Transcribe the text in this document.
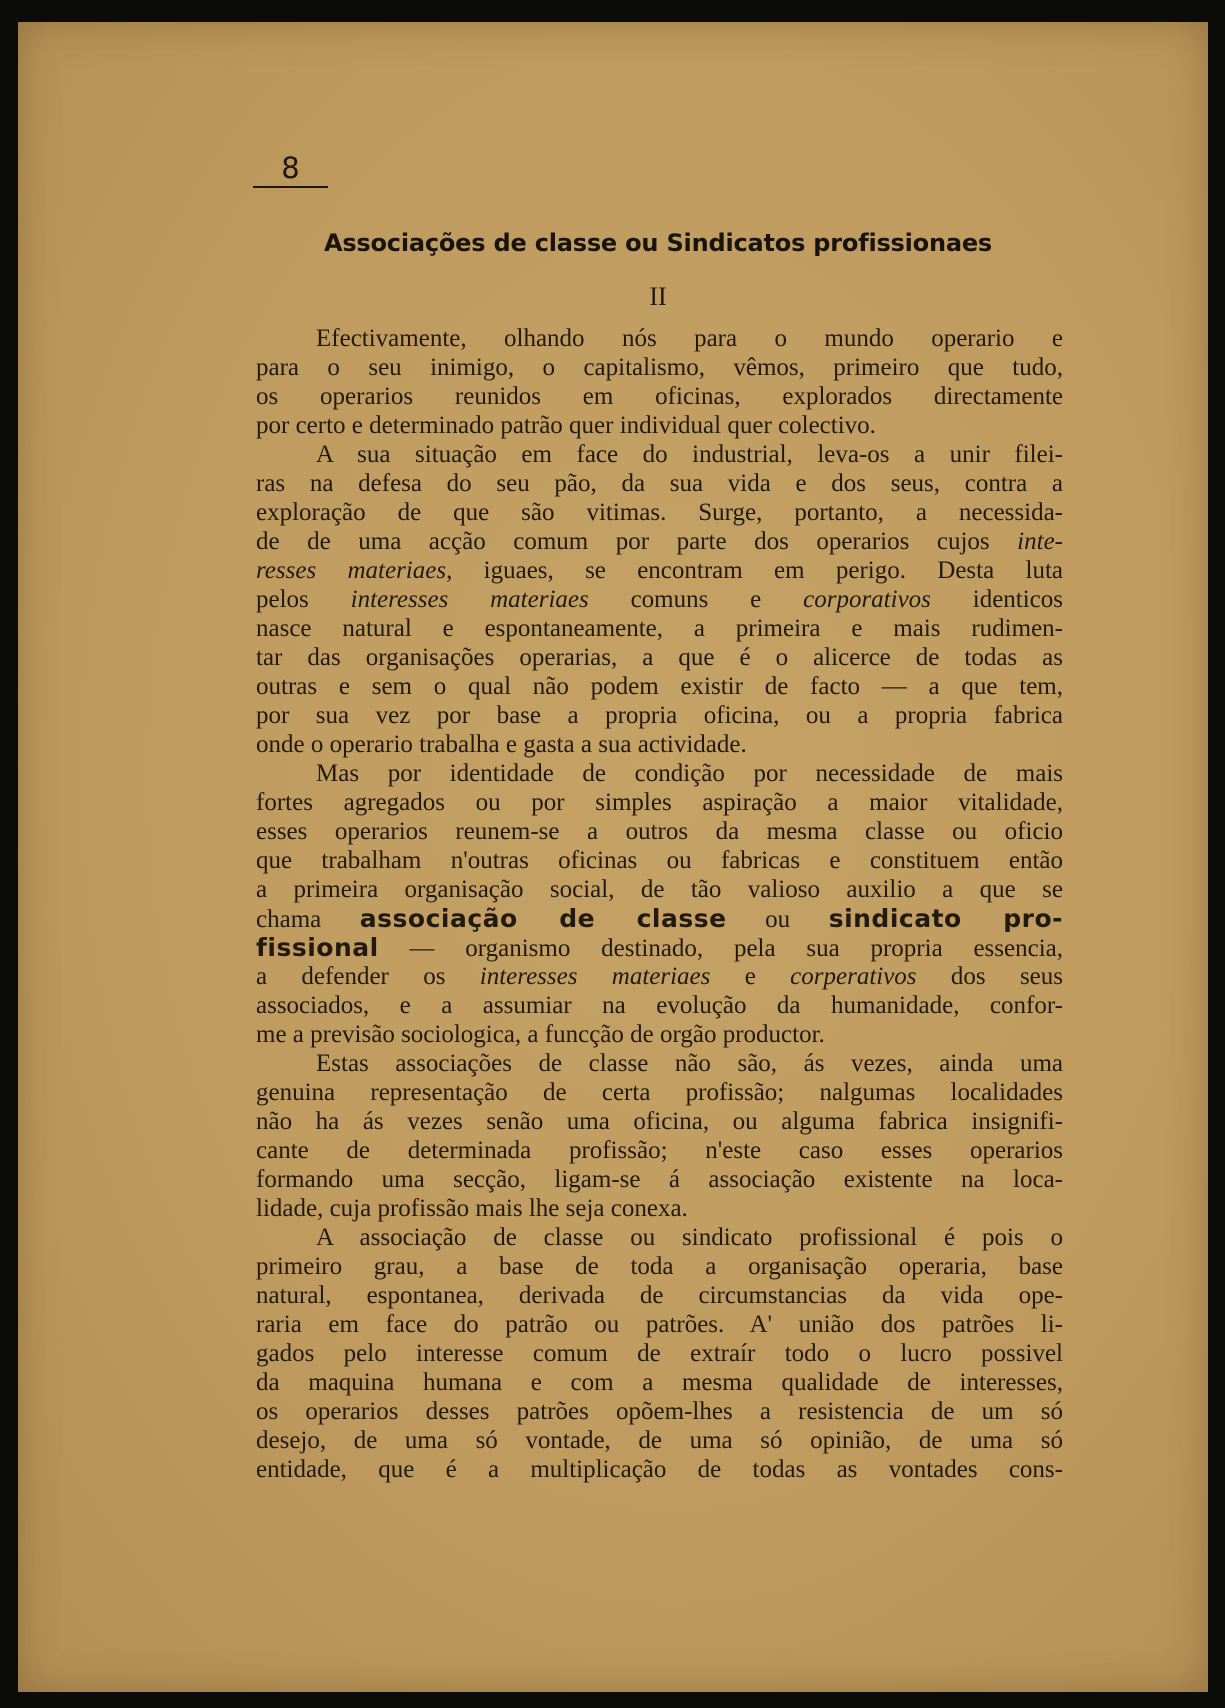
8
Associações de classe ou Sindicatos profissionaes
II
Efectivamente, olhando nós para o mundo operario e
para o seu inimigo, o capitalismo, vêmos, primeiro que tudo,
os operarios reunidos em oficinas, explorados directamente
por certo e determinado patrão quer individual quer colectivo.
A sua situação em face do industrial, leva-os a unir filei-
ras na defesa do seu pão, da sua vida e dos seus, contra a
exploração de que são vitimas. Surge, portanto, a necessida-
de de uma acção comum por parte dos operarios cujos inte-
resses materiaes, iguaes, se encontram em perigo. Desta luta
pelos interesses materiaes comuns e corporativos identicos
nasce natural e espontaneamente, a primeira e mais rudimen-
tar das organisações operarias, a que é o alicerce de todas as
outras e sem o qual não podem existir de facto — a que tem,
por sua vez por base a propria oficina, ou a propria fabrica
onde o operario trabalha e gasta a sua actividade.
Mas por identidade de condição por necessidade de mais
fortes agregados ou por simples aspiração a maior vitalidade,
esses operarios reunem-se a outros da mesma classe ou oficio
que trabalham n'outras oficinas ou fabricas e constituem então
a primeira organisação social, de tão valioso auxilio a que se
chama associação de classe ou sindicato pro-
fissional — organismo destinado, pela sua propria essencia,
a defender os interesses materiaes e corperativos dos seus
associados, e a assumiar na evolução da humanidade, confor-
me a previsão sociologica, a funcção de orgão productor.
Estas associações de classe não são, ás vezes, ainda uma
genuina representação de certa profissão; nalgumas localidades
não ha ás vezes senão uma oficina, ou alguma fabrica insignifi-
cante de determinada profissão; n'este caso esses operarios
formando uma secção, ligam-se á associação existente na loca-
lidade, cuja profissão mais lhe seja conexa.
A associação de classe ou sindicato profissional é pois o
primeiro grau, a base de toda a organisação operaria, base
natural, espontanea, derivada de circumstancias da vida ope-
raria em face do patrão ou patrões. A' união dos patrões li-
gados pelo interesse comum de extraír todo o lucro possivel
da maquina humana e com a mesma qualidade de interesses,
os operarios desses patrões opõem-lhes a resistencia de um só
desejo, de uma só vontade, de uma só opinião, de uma só
entidade, que é a multiplicação de todas as vontades cons-
